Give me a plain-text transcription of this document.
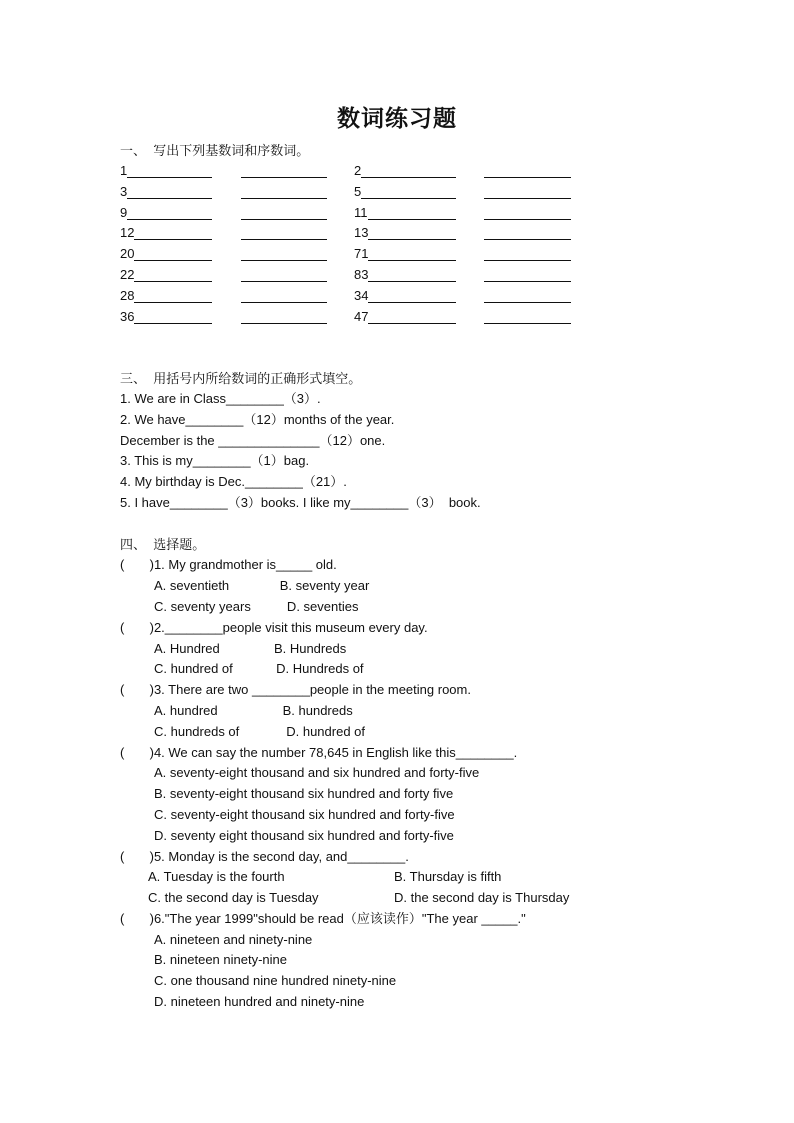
数词练习题
一、  写出下列基数词和序数词。
1	2
3	5
9	11
12	13
20	71
22	83
28	34
36	47
三、  用括号内所给数词的正确形式填空。
1. We are in Class________（3）.
2. We have________（12）months of the year.
December is the ______________（12）one.
3. This is my________（1）bag.
4. My birthday is Dec.________（21）.
5. I have________（3）books. I like my________（3）  book.
四、  选择题。
(       )1. My grandmother is_____ old.
A. seventieth              B. seventy year
C. seventy years          D. seventies
(       )2.________people visit this museum every day.
A. Hundred               B. Hundreds
C. hundred of            D. Hundreds of
(       )3. There are two ________people in the meeting room.
A. hundred                  B. hundreds
C. hundreds of             D. hundred of
(       )4. We can say the number 78,645 in English like this________.
A. seventy-eight thousand and six hundred and forty-five
B. seventy-eight thousand six hundred and forty five
C. seventy-eight thousand six hundred and forty-five
D. seventy eight thousand six hundred and forty-five
(       )5. Monday is the second day, and________.
A. Tuesday is the fourth	B. Thursday is fifth
C. the second day is Tuesday	D. the second day is Thursday
(       )6."The year 1999"should be read（应该读作）"The year _____."
A. nineteen and ninety-nine
B. nineteen ninety-nine
C. one thousand nine hundred ninety-nine
D. nineteen hundred and ninety-nine
